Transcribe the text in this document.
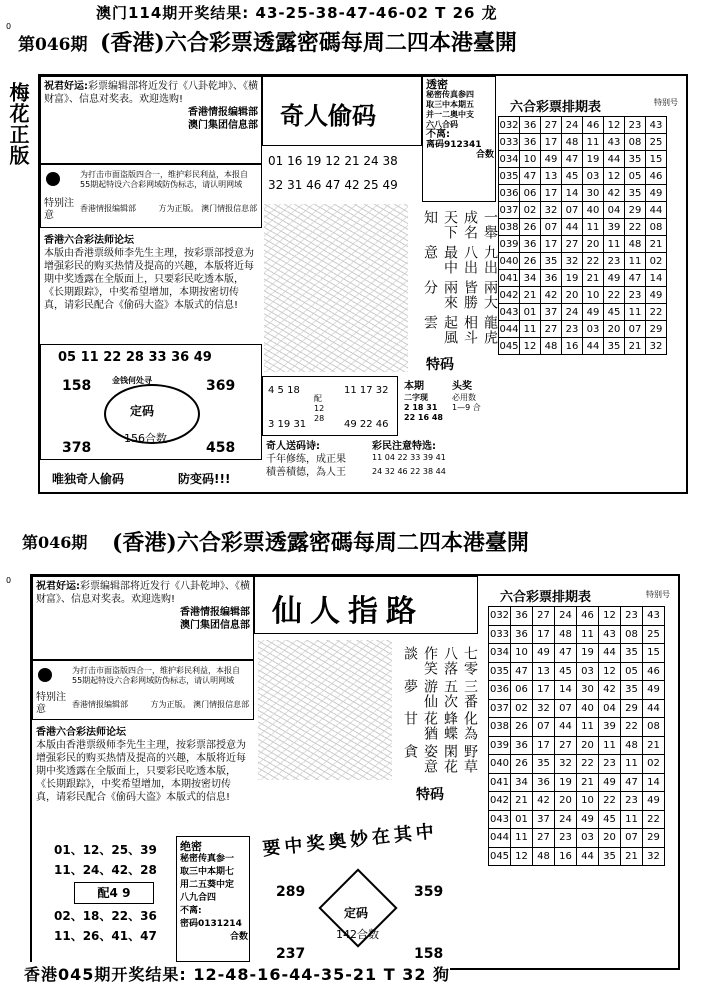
澳门114期开奖结果: 43-25-38-47-46-02 T 26 龙
第046期 (香港)六合彩票透露密碼每周二四本港臺開
0
梅花正版	祝君好运:彩票编辑部将近发行《八卦乾坤》、《横财富》、信息对奖表。欢迎选购!
香港情报编辑部
澳门集团信息部
特别注意
为打击市面盗版四合一，维护彩民利益，本报自55期起特设六合彩网域防伪标志，请认明网域
香港情报编辑部	方为正版。 澳门情报信息部
香港六合彩法师论坛
本版由香港票级师李先生主理，按彩票部授意为增强彩民的购买热情及提高的兴趣，本版将近每期中奖透露在全版面上，只要彩民吃透本版，《长期跟踪》，中奖希望增加，本期按密切传真，请彩民配合《偷码大盗》本版式的信息!
05 11 22 28 33 36 49
金钱何处寻
158	369
定码
156合数
378	458
唯独奇人偷码	防变码!!!
奇人偷码
01 16 19 12 21 24 38
32 31 46 47 42 25 49
龍虎相斗起風雲
兩大皆勝兩來分
九出八出最中意
一舉成名天下知
特码
透密
秘密传真参四
取三中本期五
并一二奥中支
六八合码
不离:
离码912341
合数
六合彩票排期表	特别号
032	36	27	24	46	12	23	43
033	36	17	48	11	43	08	25
034	10	49	47	19	44	35	15
035	47	13	45	03	12	05	46
036	06	17	14	30	42	35	49
037	02	32	07	40	04	29	44
038	26	07	44	11	39	22	08
039	36	17	27	20	11	48	21
040	26	35	32	22	23	11	02
041	34	36	19	21	49	47	14
042	21	42	20	10	22	23	49
043	01	37	24	49	45	11	22
044	11	27	23	03	20	07	29
045	12	48	16	44	35	21	32
4 5 18
3 19 31
配 12 28
11 17 32
49 22 46
本期
二字现
2 18 31
22 16 48
头奖
必用数
1—9 合
奇人送码诗:
千年修练，成正果
積善積德，為人王
彩民注意特选:
11 04 22 33 39 41
24 32 46 22 38 44
第046期 (香港)六合彩票透露密碼每周二四本港臺開
0
祝君好运:彩票编辑部将近发行《八卦乾坤》、《横财富》、信息对奖表。欢迎选购!
香港情报编辑部
澳门集团信息部
特别注意
为打击市面盗版四合一，维护彩民利益，本报自55期起特设六合彩网域防伪标志，请认明网域
香港情报编辑部	方为正版。 澳门情报信息部
香港六合彩法师论坛
本版由香港票级师李先生主理，按彩票部授意为增强彩民的购买热情及提高的兴趣，本版将近每期中奖透露在全版面上，只要彩民吃透本版，《长期跟踪》，中奖希望增加，本期按密切传真，请彩民配合《偷码大盗》本版式的信息!
01、12、25、39
11、24、42、28
配4 9
02、18、22、36
11、26、41、47
绝密
秘密传真参一
取三中本期七
用二五葵中定
八九合四
不离:
密码0131214
合数
仙人指路
野草閑花姿意貪
化為蜂蝶花猶甘
三番五次游仙夢
七零八落作笑談
特码
要中奖奥妙在其中
289	359
定码
142合数
237	158
六合彩票排期表	特别号
032	36	27	24	46	12	23	43
033	36	17	48	11	43	08	25
034	10	49	47	19	44	35	15
035	47	13	45	03	12	05	46
036	06	17	14	30	42	35	49
037	02	32	07	40	04	29	44
038	26	07	44	11	39	22	08
039	36	17	27	20	11	48	21
040	26	35	32	22	23	11	02
041	34	36	19	21	49	47	14
042	21	42	20	10	22	23	49
043	01	37	24	49	45	11	22
044	11	27	23	03	20	07	29
045	12	48	16	44	35	21	32
香港045期开奖结果: 12-48-16-44-35-21 T 32 狗
